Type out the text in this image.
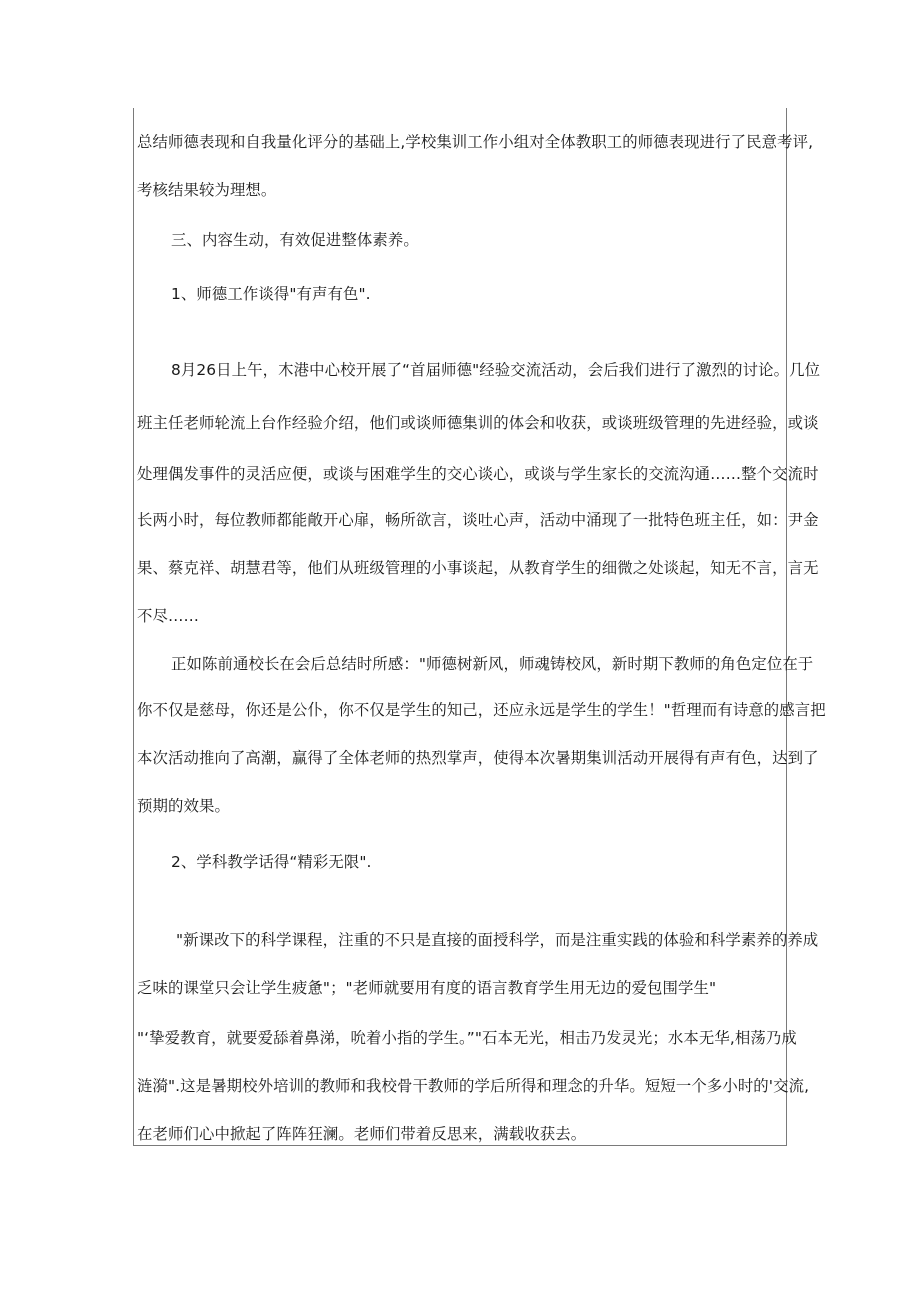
总结师德表现和自我量化评分的基础上,学校集训工作小组对全体教职工的师德表现进行了民意考评,
考核结果较为理想。
三、内容生动，有效促进整体素养。
1、师德工作谈得"有声有色".
8月26日上午，木港中心校开展了“首届师德"经验交流活动，会后我们进行了激烈的讨论。几位
班主任老师轮流上台作经验介绍，他们或谈师德集训的体会和收获，或谈班级管理的先进经验，或谈
处理偶发事件的灵活应便，或谈与困难学生的交心谈心，或谈与学生家长的交流沟通……整个交流时
长两小时，每位教师都能敞开心扉，畅所欲言，谈吐心声，活动中涌现了一批特色班主任，如：尹金
果、蔡克祥、胡慧君等，他们从班级管理的小事谈起，从教育学生的细微之处谈起，知无不言，言无
不尽……
正如陈前通校长在会后总结时所感："师德树新风，师魂铸校风，新时期下教师的角色定位在于
你不仅是慈母，你还是公仆，你不仅是学生的知己，还应永远是学生的学生！"哲理而有诗意的感言把
本次活动推向了高潮，赢得了全体老师的热烈掌声，使得本次暑期集训活动开展得有声有色，达到了
预期的效果。
2、学科教学话得“精彩无限".
"新课改下的科学课程，注重的不只是直接的面授科学，而是注重实践的体验和科学素养的养成
乏味的课堂只会让学生疲惫"；"老师就要用有度的语言教育学生用无边的爱包围学生"
"‘挚爱教育，就要爱舔着鼻涕，吮着小指的学生。”"石本无光，相击乃发灵光；水本无华,相荡乃成
涟漪".这是暑期校外培训的教师和我校骨干教师的学后所得和理念的升华。短短一个多小时的'交流,
在老师们心中掀起了阵阵狂澜。老师们带着反思来，满载收获去。
